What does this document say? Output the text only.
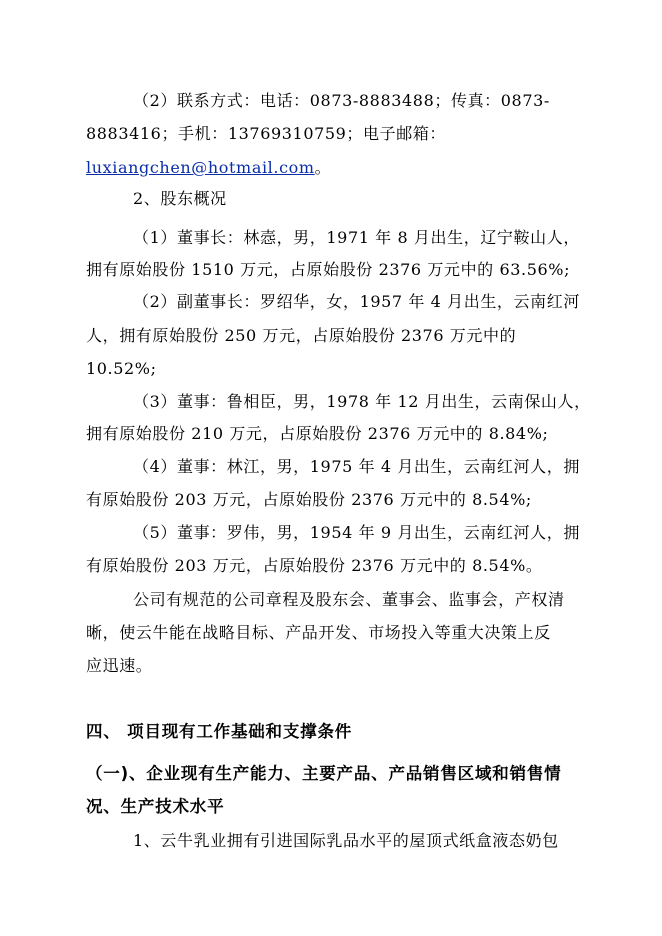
（2）联系方式：电话：0873-8883488；传真：0873-
8883416；手机：13769310759；电子邮箱：
luxiangchen@hotmail.com。
2、股东概况
（1）董事长：林悫，男，1971 年 8 月出生，辽宁鞍山人，
拥有原始股份 1510 万元，占原始股份 2376 万元中的 63.56%;
（2）副董事长：罗绍华，女，1957 年 4 月出生，云南红河
人，拥有原始股份 250 万元，占原始股份 2376 万元中的
10.52%;
（3）董事：鲁相臣，男，1978 年 12 月出生，云南保山人，
拥有原始股份 210 万元，占原始股份 2376 万元中的 8.84%;
（4）董事：林江，男，1975 年 4 月出生，云南红河人，拥
有原始股份 203 万元，占原始股份 2376 万元中的 8.54%;
（5）董事：罗伟，男，1954 年 9 月出生，云南红河人，拥
有原始股份 203 万元，占原始股份 2376 万元中的 8.54%。
公司有规范的公司章程及股东会、董事会、监事会，产权清
晰，使云牛能在战略目标、产品开发、市场投入等重大决策上反
应迅速。
四、 项目现有工作基础和支撑条件
（一)、企业现有生产能力、主要产品、产品销售区域和销售情
况、生产技术水平
1、云牛乳业拥有引进国际乳品水平的屋顶式纸盒液态奶包
